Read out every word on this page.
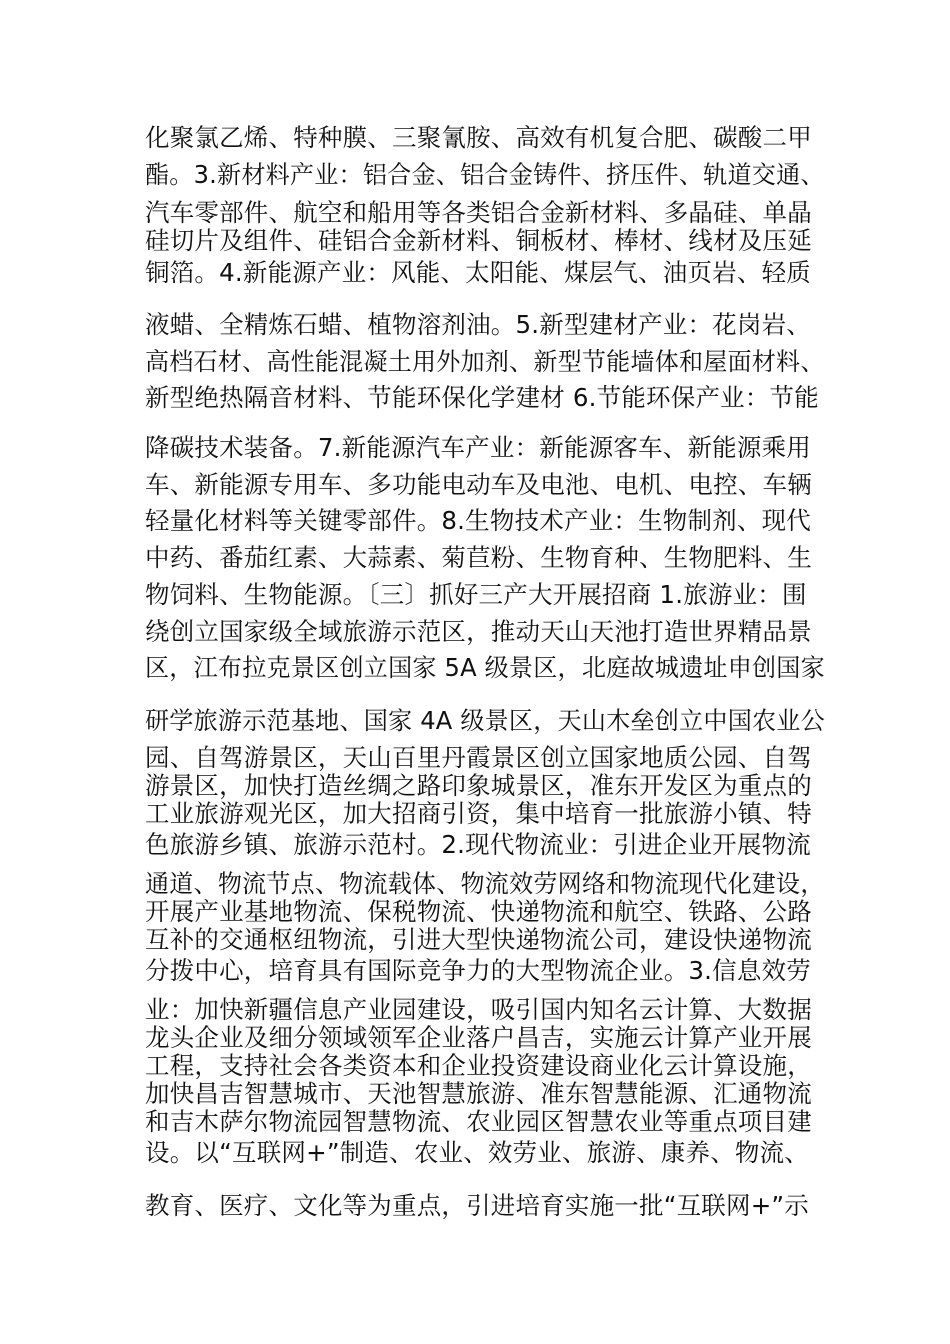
化聚氯乙烯、特种膜、三聚氰胺、高效有机复合肥、碳酸二甲
酯。3.新材料产业：铝合金、铝合金铸件、挤压件、轨道交通、
汽车零部件、航空和船用等各类铝合金新材料、多晶硅、单晶
硅切片及组件、硅铝合金新材料、铜板材、棒材、线材及压延
铜箔。4.新能源产业：风能、太阳能、煤层气、油页岩、轻质
液蜡、全精炼石蜡、植物溶剂油。5.新型建材产业：花岗岩、
高档石材、高性能混凝土用外加剂、新型节能墙体和屋面材料、
新型绝热隔音材料、节能环保化学建材 6.节能环保产业：节能
降碳技术装备。7.新能源汽车产业：新能源客车、新能源乘用
车、新能源专用车、多功能电动车及电池、电机、电控、车辆
轻量化材料等关键零部件。8.生物技术产业：生物制剂、现代
中药、番茄红素、大蒜素、菊苣粉、生物育种、生物肥料、生
物饲料、生物能源。〔三〕抓好三产大开展招商 1.旅游业：围
绕创立国家级全域旅游示范区，推动天山天池打造世界精品景
区，江布拉克景区创立国家 5A 级景区，北庭故城遗址申创国家
研学旅游示范基地、国家 4A 级景区，天山木垒创立中国农业公
园、自驾游景区，天山百里丹霞景区创立国家地质公园、自驾
游景区，加快打造丝绸之路印象城景区，准东开发区为重点的
工业旅游观光区，加大招商引资，集中培育一批旅游小镇、特
色旅游乡镇、旅游示范村。2.现代物流业：引进企业开展物流
通道、物流节点、物流载体、物流效劳网络和物流现代化建设，
开展产业基地物流、保税物流、快递物流和航空、铁路、公路
互补的交通枢纽物流，引进大型快递物流公司，建设快递物流
分拨中心，培育具有国际竞争力的大型物流企业。3.信息效劳
业：加快新疆信息产业园建设，吸引国内知名云计算、大数据
龙头企业及细分领域领军企业落户昌吉，实施云计算产业开展
工程，支持社会各类资本和企业投资建设商业化云计算设施，
加快昌吉智慧城市、天池智慧旅游、准东智慧能源、汇通物流
和吉木萨尔物流园智慧物流、农业园区智慧农业等重点项目建
设。以“互联网+”制造、农业、效劳业、旅游、康养、物流、
教育、医疗、文化等为重点，引进培育实施一批“互联网+”示
